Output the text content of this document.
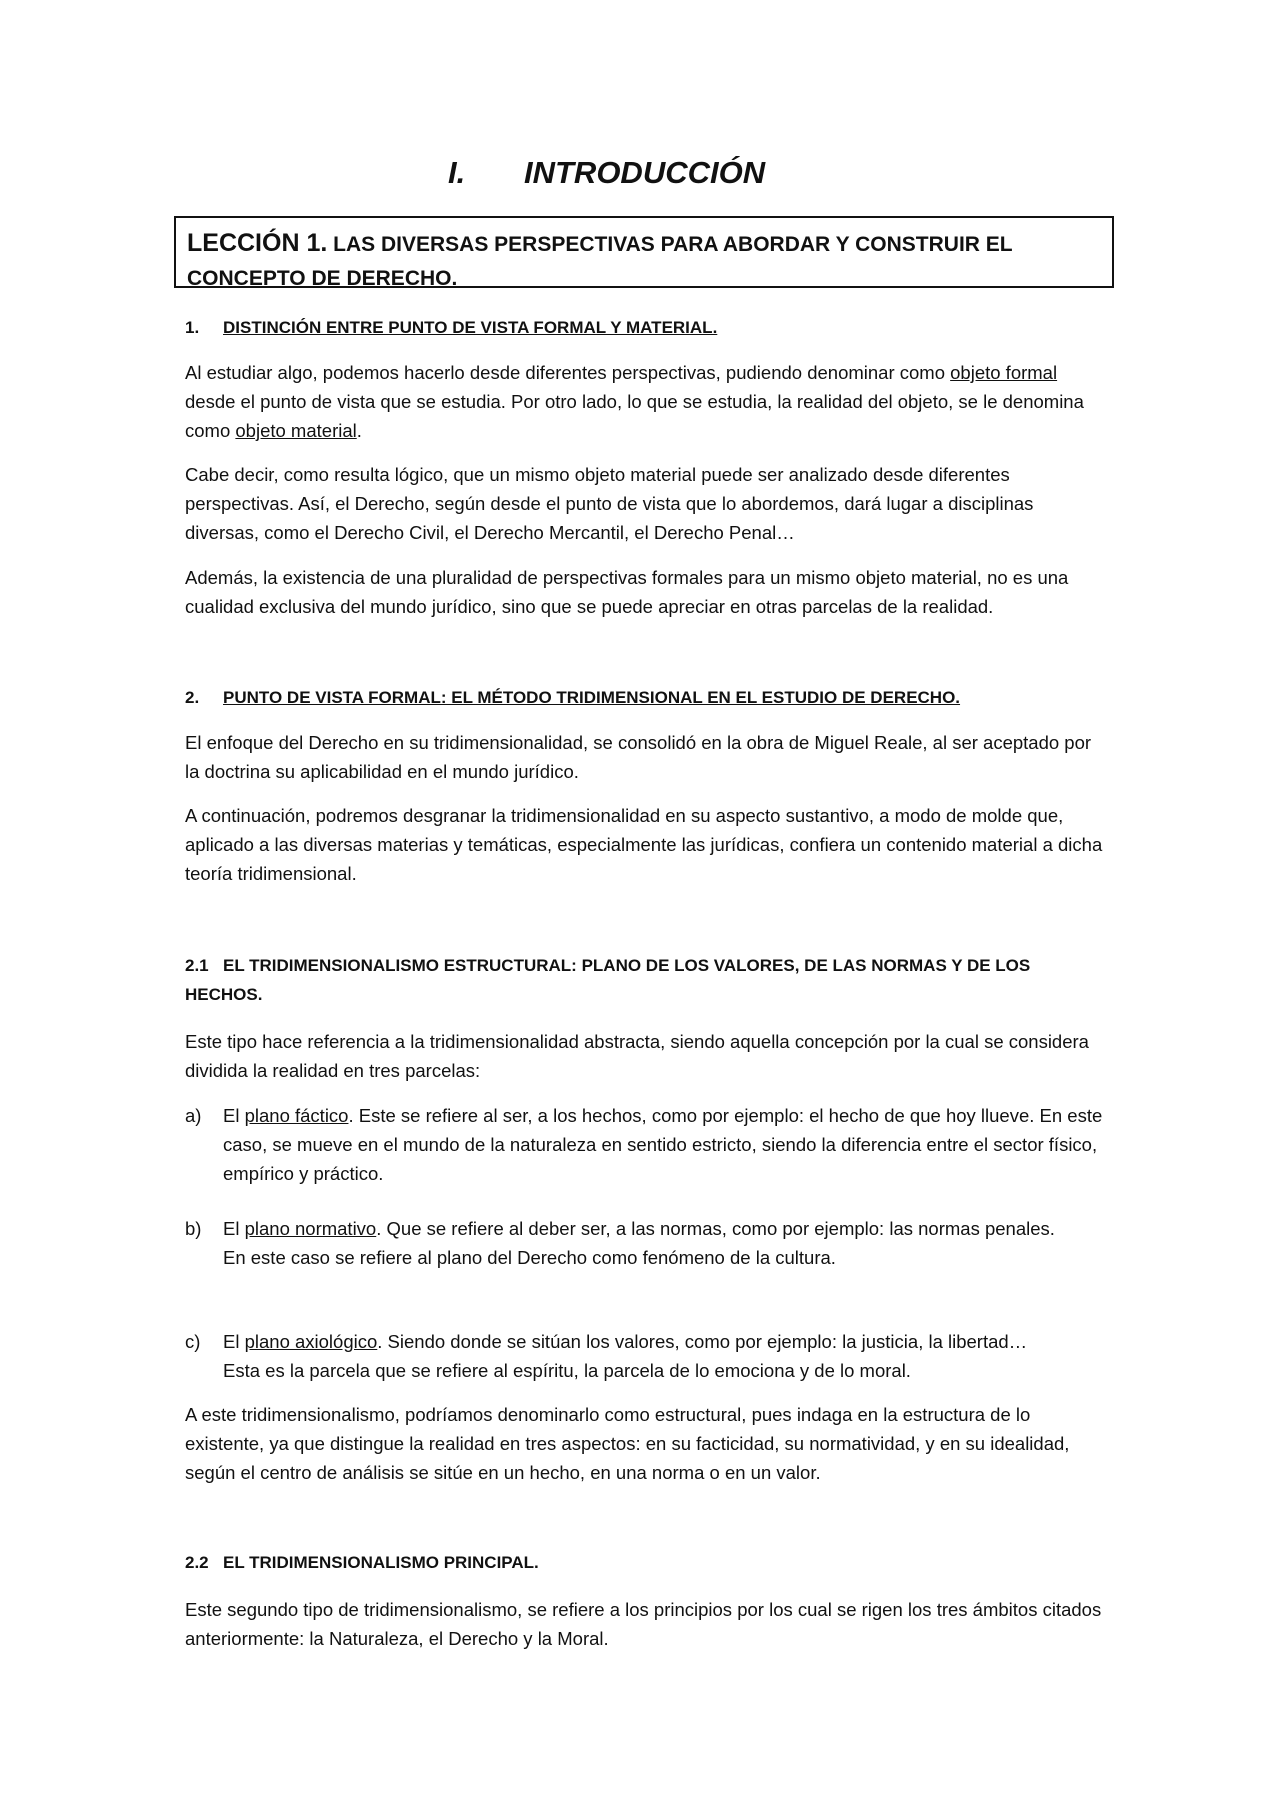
I. INTRODUCCIÓN
LECCIÓN 1. LAS DIVERSAS PERSPECTIVAS PARA ABORDAR Y CONSTRUIR EL
CONCEPTO DE DERECHO.
1. DISTINCIÓN ENTRE PUNTO DE VISTA FORMAL Y MATERIAL.
Al estudiar algo, podemos hacerlo desde diferentes perspectivas, pudiendo denominar como objeto formal desde el punto de vista que se estudia. Por otro lado, lo que se estudia, la realidad del objeto, se le denomina como objeto material.
Cabe decir, como resulta lógico, que un mismo objeto material puede ser analizado desde diferentes perspectivas. Así, el Derecho, según desde el punto de vista que lo abordemos, dará lugar a disciplinas diversas, como el Derecho Civil, el Derecho Mercantil, el Derecho Penal…
Además, la existencia de una pluralidad de perspectivas formales para un mismo objeto material, no es una cualidad exclusiva del mundo jurídico, sino que se puede apreciar en otras parcelas de la realidad.
2. PUNTO DE VISTA FORMAL: EL MÉTODO TRIDIMENSIONAL EN EL ESTUDIO DE DERECHO.
El enfoque del Derecho en su tridimensionalidad, se consolidó en la obra de Miguel Reale, al ser aceptado por la doctrina su aplicabilidad en el mundo jurídico.
A continuación, podremos desgranar la tridimensionalidad en su aspecto sustantivo, a modo de molde que, aplicado a las diversas materias y temáticas, especialmente las jurídicas, confiera un contenido material a dicha teoría tridimensional.
2.1 EL TRIDIMENSIONALISMO ESTRUCTURAL: PLANO DE LOS VALORES, DE LAS NORMAS Y DE LOS HECHOS.
Este tipo hace referencia a la tridimensionalidad abstracta, siendo aquella concepción por la cual se considera dividida la realidad en tres parcelas:
a) El plano fáctico. Este se refiere al ser, a los hechos, como por ejemplo: el hecho de que hoy llueve. En este caso, se mueve en el mundo de la naturaleza en sentido estricto, siendo la diferencia entre el sector físico, empírico y práctico.
b) El plano normativo. Que se refiere al deber ser, a las normas, como por ejemplo: las normas penales.
En este caso se refiere al plano del Derecho como fenómeno de la cultura.
c) El plano axiológico. Siendo donde se sitúan los valores, como por ejemplo: la justicia, la libertad…
Esta es la parcela que se refiere al espíritu, la parcela de lo emociona y de lo moral.
A este tridimensionalismo, podríamos denominarlo como estructural, pues indaga en la estructura de lo existente, ya que distingue la realidad en tres aspectos: en su facticidad, su normatividad, y en su idealidad, según el centro de análisis se sitúe en un hecho, en una norma o en un valor.
2.2 EL TRIDIMENSIONALISMO PRINCIPAL.
Este segundo tipo de tridimensionalismo, se refiere a los principios por los cual se rigen los tres ámbitos citados anteriormente: la Naturaleza, el Derecho y la Moral.
